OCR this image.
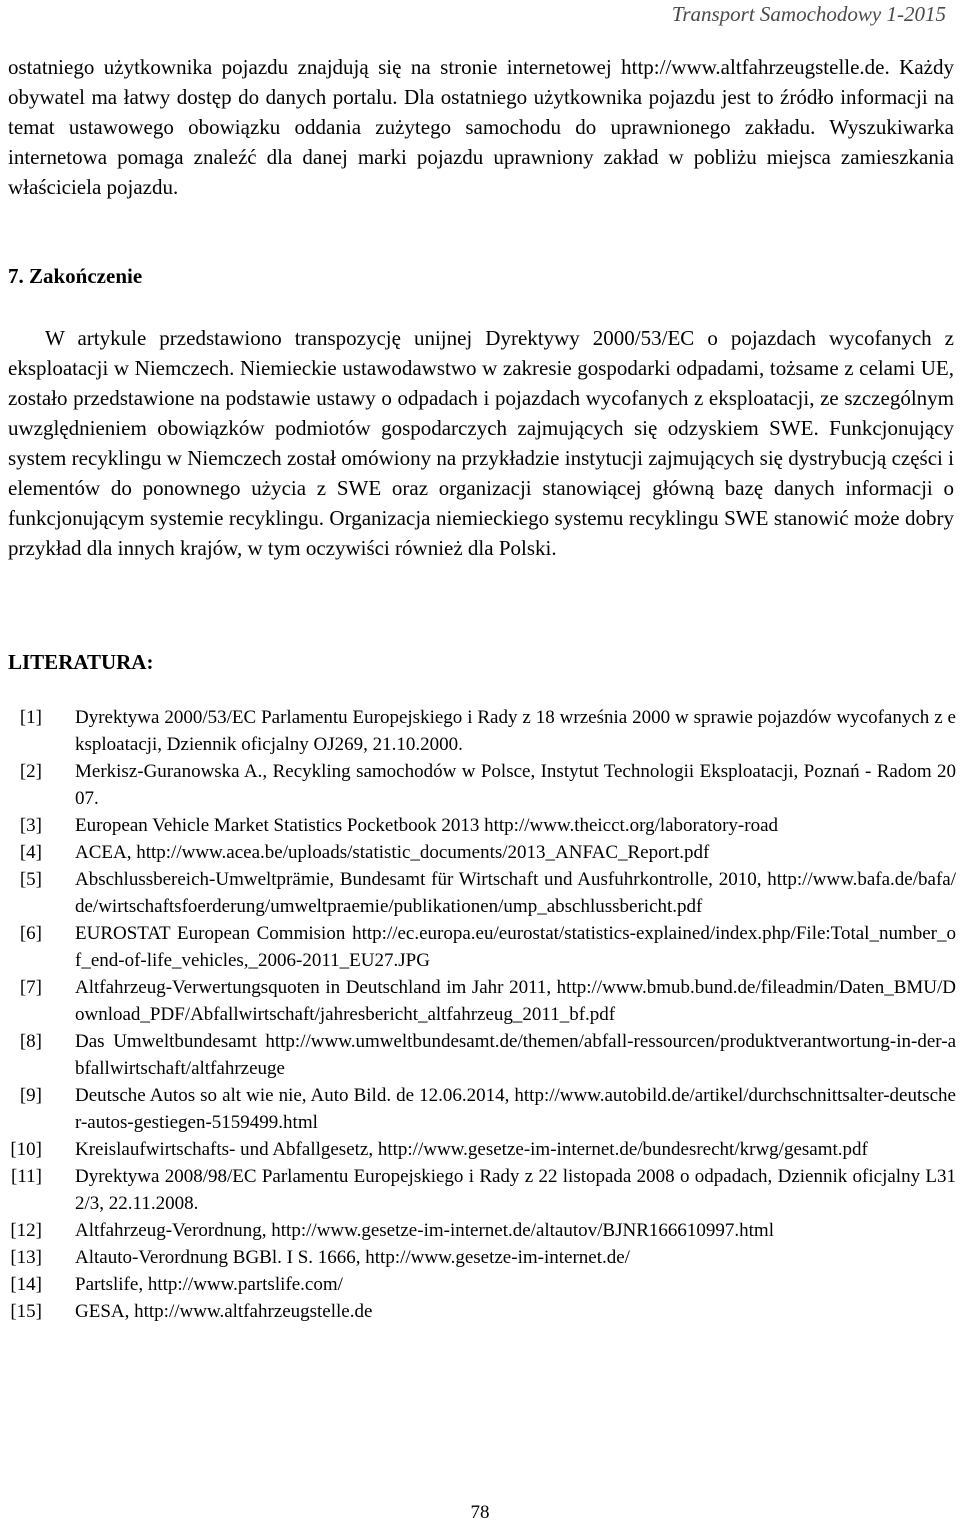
Transport Samochodowy 1-2015

ostatniego użytkownika pojazdu znajdują się na stronie internetowej http://www.altfahrzeugstelle.de. Każdy obywatel ma łatwy dostęp do danych portalu. Dla ostatniego użytkownika pojazdu jest to źródło informacji na temat ustawowego obowiązku oddania zużytego samochodu do uprawnionego zakładu. Wyszukiwarka internetowa pomaga znaleźć dla danej marki pojazdu uprawniony zakład w pobliżu miejsca zamieszkania właściciela pojazdu.

7. Zakończenie

W artykule przedstawiono transpozycję unijnej Dyrektywy 2000/53/EC o pojazdach wycofanych z eksploatacji w Niemczech. Niemieckie ustawodawstwo w zakresie gospodarki odpadami, tożsame z celami UE, zostało przedstawione na podstawie ustawy o odpadach i pojazdach wycofanych z eksploatacji, ze szczególnym uwzględnieniem obowiązków podmiotów gospodarczych zajmujących się odzyskiem SWE. Funkcjonujący system recyklingu w Niemczech został omówiony na przykładzie instytucji zajmujących się dystrybucją części i elementów do ponownego użycia z SWE oraz organizacji stanowiącej główną bazę danych informacji o funkcjonującym systemie recyklingu. Organizacja niemieckiego systemu recyklingu SWE stanowić może dobry przykład dla innych krajów, w tym oczywiści również dla Polski.

LITERATURA:
[1] Dyrektywa 2000/53/EC Parlamentu Europejskiego i Rady z 18 września 2000 w sprawie pojazdów wycofanych z eksploatacji, Dziennik oficjalny OJ269, 21.10.2000.
[2] Merkisz-Guranowska A., Recykling samochodów w Polsce, Instytut Technologii Eksploatacji, Poznań - Radom 2007.
[3] European Vehicle Market Statistics Pocketbook 2013 http://www.theicct.org/laboratory-road
[4] ACEA, http://www.acea.be/uploads/statistic_documents/2013_ANFAC_Report.pdf
[5] Abschlussbereich-Umweltprämie, Bundesamt für Wirtschaft und Ausfuhrkontrolle, 2010, http://www.bafa.de/bafa/de/wirtschaftsfoerderung/umweltpraemie/publikationen/ump_abschlussbericht.pdf
[6] EUROSTAT European Commision http://ec.europa.eu/eurostat/statistics-explained/index.php/File:Total_number_of_end-of-life_vehicles,_2006-2011_EU27.JPG
[7] Altfahrzeug-Verwertungsquoten in Deutschland im Jahr 2011, http://www.bmub.bund.de/fileadmin/Daten_BMU/Download_PDF/Abfallwirtschaft/jahresbericht_altfahrzeug_2011_bf.pdf
[8] Das Umweltbundesamt http://www.umweltbundesamt.de/themen/abfall-ressourcen/produktverantwortung-in-der-abfallwirtschaft/altfahrzeuge
[9] Deutsche Autos so alt wie nie, Auto Bild. de 12.06.2014, http://www.autobild.de/artikel/durchschnittsalter-deutscher-autos-gestiegen-5159499.html
[10] Kreislaufwirtschafts- und Abfallgesetz, http://www.gesetze-im-internet.de/bundesrecht/krwg/gesamt.pdf
[11] Dyrektywa 2008/98/EC Parlamentu Europejskiego i Rady z 22 listopada 2008 o odpadach, Dziennik oficjalny L312/3, 22.11.2008.
[12] Altfahrzeug-Verordnung, http://www.gesetze-im-internet.de/altautov/BJNR166610997.html
[13] Altauto-Verordnung BGBl. I S. 1666, http://www.gesetze-im-internet.de/
[14] Partslife, http://www.partslife.com/
[15] GESA, http://www.altfahrzeugstelle.de
78
